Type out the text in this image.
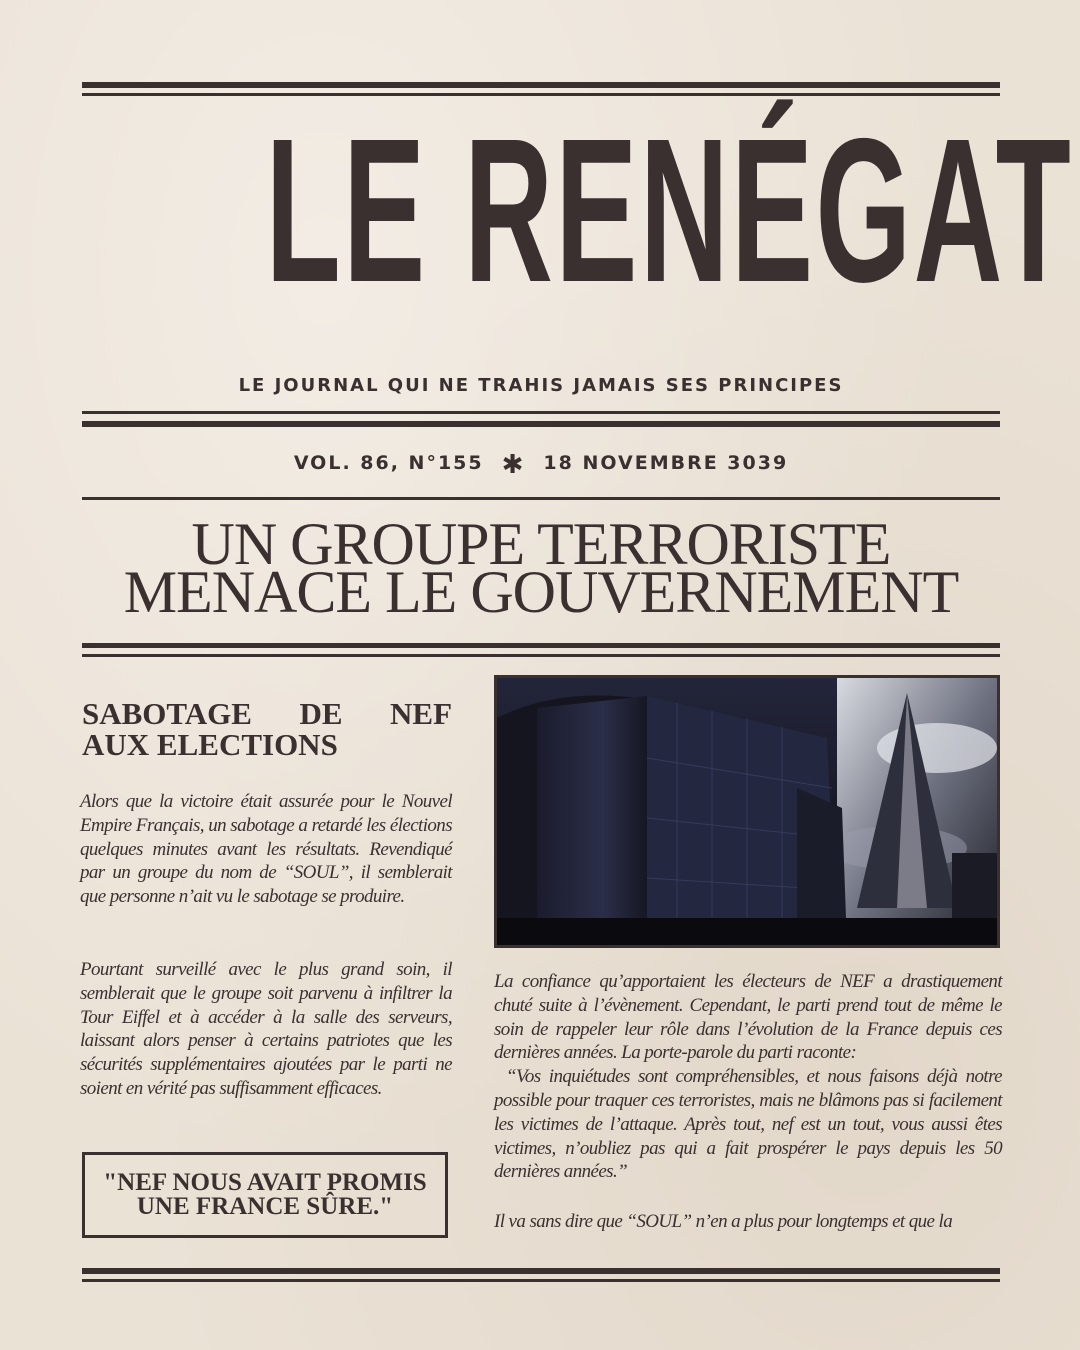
LE RENÉGAT
LE JOURNAL QUI NE TRAHIS JAMAIS SES PRINCIPES
VOL. 86, N°155 ✱ 18 NOVEMBRE 3039
UN GROUPE TERRORISTE
MENACE LE GOUVERNEMENT
SABOTAGE DE NEF
AUX ELECTIONS
Alors que la victoire était assurée pour le Nouvel Empire Français, un sabotage a retardé les élections quelques minutes avant les résultats. Revendiqué par un groupe du nom de “SOUL”, il semblerait que personne n’ait vu le sabotage se produire.
Pourtant surveillé avec le plus grand soin, il semblerait que le groupe soit parvenu à infiltrer la Tour Eiffel et à accéder à la salle des serveurs, laissant alors penser à certains patriotes que les sécurités supplémentaires ajoutées par le parti ne soient en vérité pas suffisamment efficaces.
"NEF NOUS AVAIT PROMIS
UNE FRANCE SÛRE."
La confiance qu’apportaient les électeurs de NEF a drastiquement chuté suite à l’évènement. Cependant, le parti prend tout de même le soin de rappeler leur rôle dans l’évolution de la France depuis ces dernières années. La porte-parole du parti raconte:

“Vos inquiétudes sont compréhensibles, et nous faisons déjà notre possible pour traquer ces terroristes, mais ne blâmons pas si facilement les victimes de l’attaque. Après tout, nef est un tout, vous aussi êtes victimes, n’oubliez pas qui a fait prospérer le pays depuis les 50 dernières années.”
Il va sans dire que “SOUL” n’en a plus pour longtemps et que la
